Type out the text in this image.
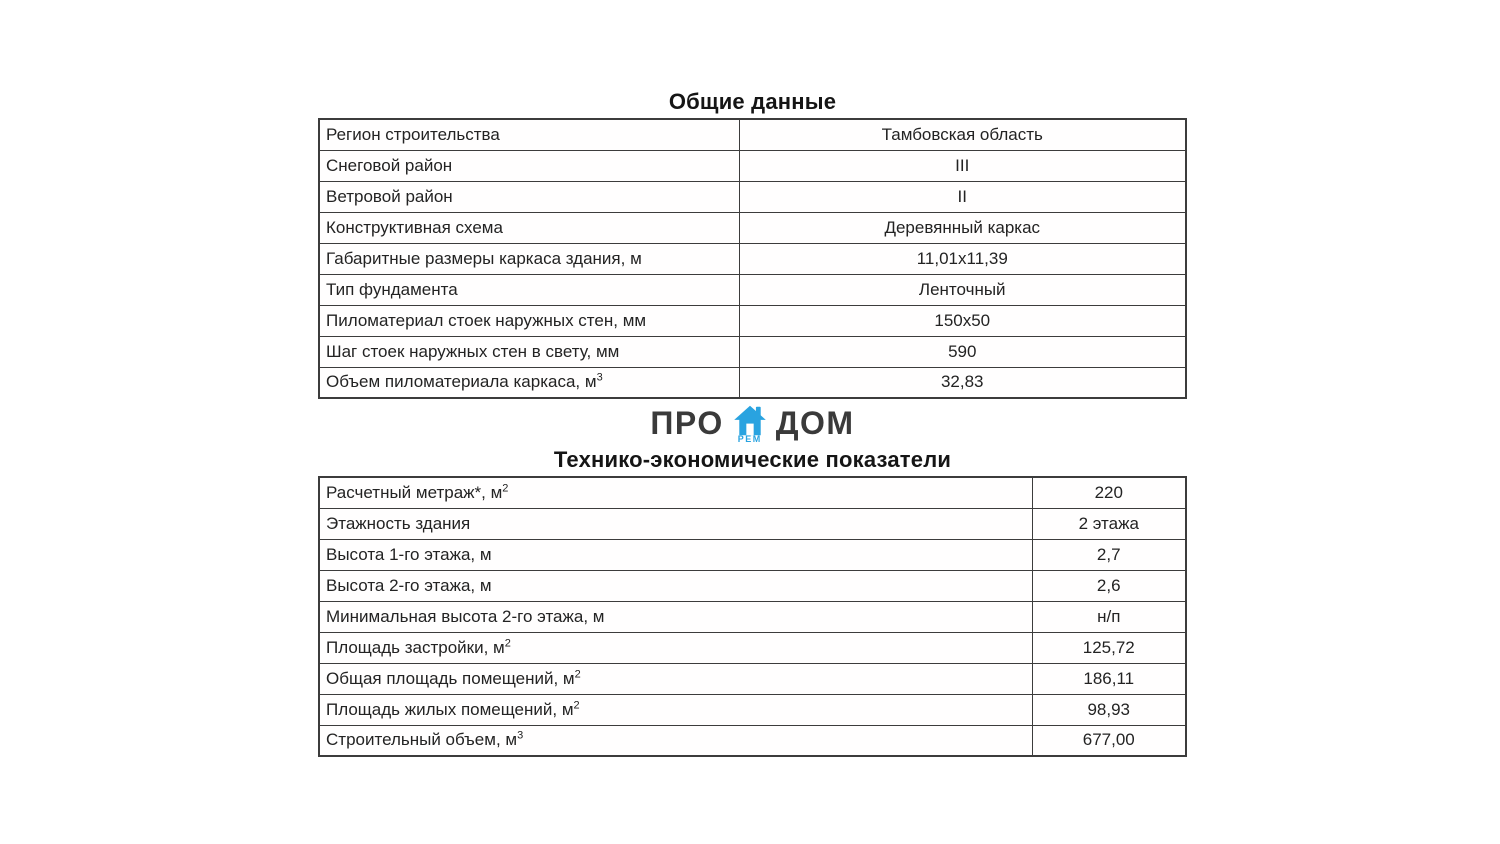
Общие данные
Регион строительства	Тамбовская область
Снеговой район	III
Ветровой район	II
Конструктивная схема	Деревянный каркас
Габаритные размеры каркаса здания, м	11,01х11,39
Тип фундамента	Ленточный
Пиломатериал стоек наружных стен, мм	150х50
Шаг стоек наружных стен в свету, мм	590
Объем пиломатериала каркаса, $м^3$	32,83
ПРО РЕМ ДОМ
Технико-экономические показатели
Расчетный метраж*, $м^2$	220
Этажность здания	2 этажа
Высота 1-го этажа, м	2,7
Высота 2-го этажа, м	2,6
Минимальная высота 2-го этажа, м	н/п
Площадь застройки, $м^2$	125,72
Общая площадь помещений, $м^2$	186,11
Площадь жилых помещений, $м^2$	98,93
Строительный объем, $м^3$	677,00
